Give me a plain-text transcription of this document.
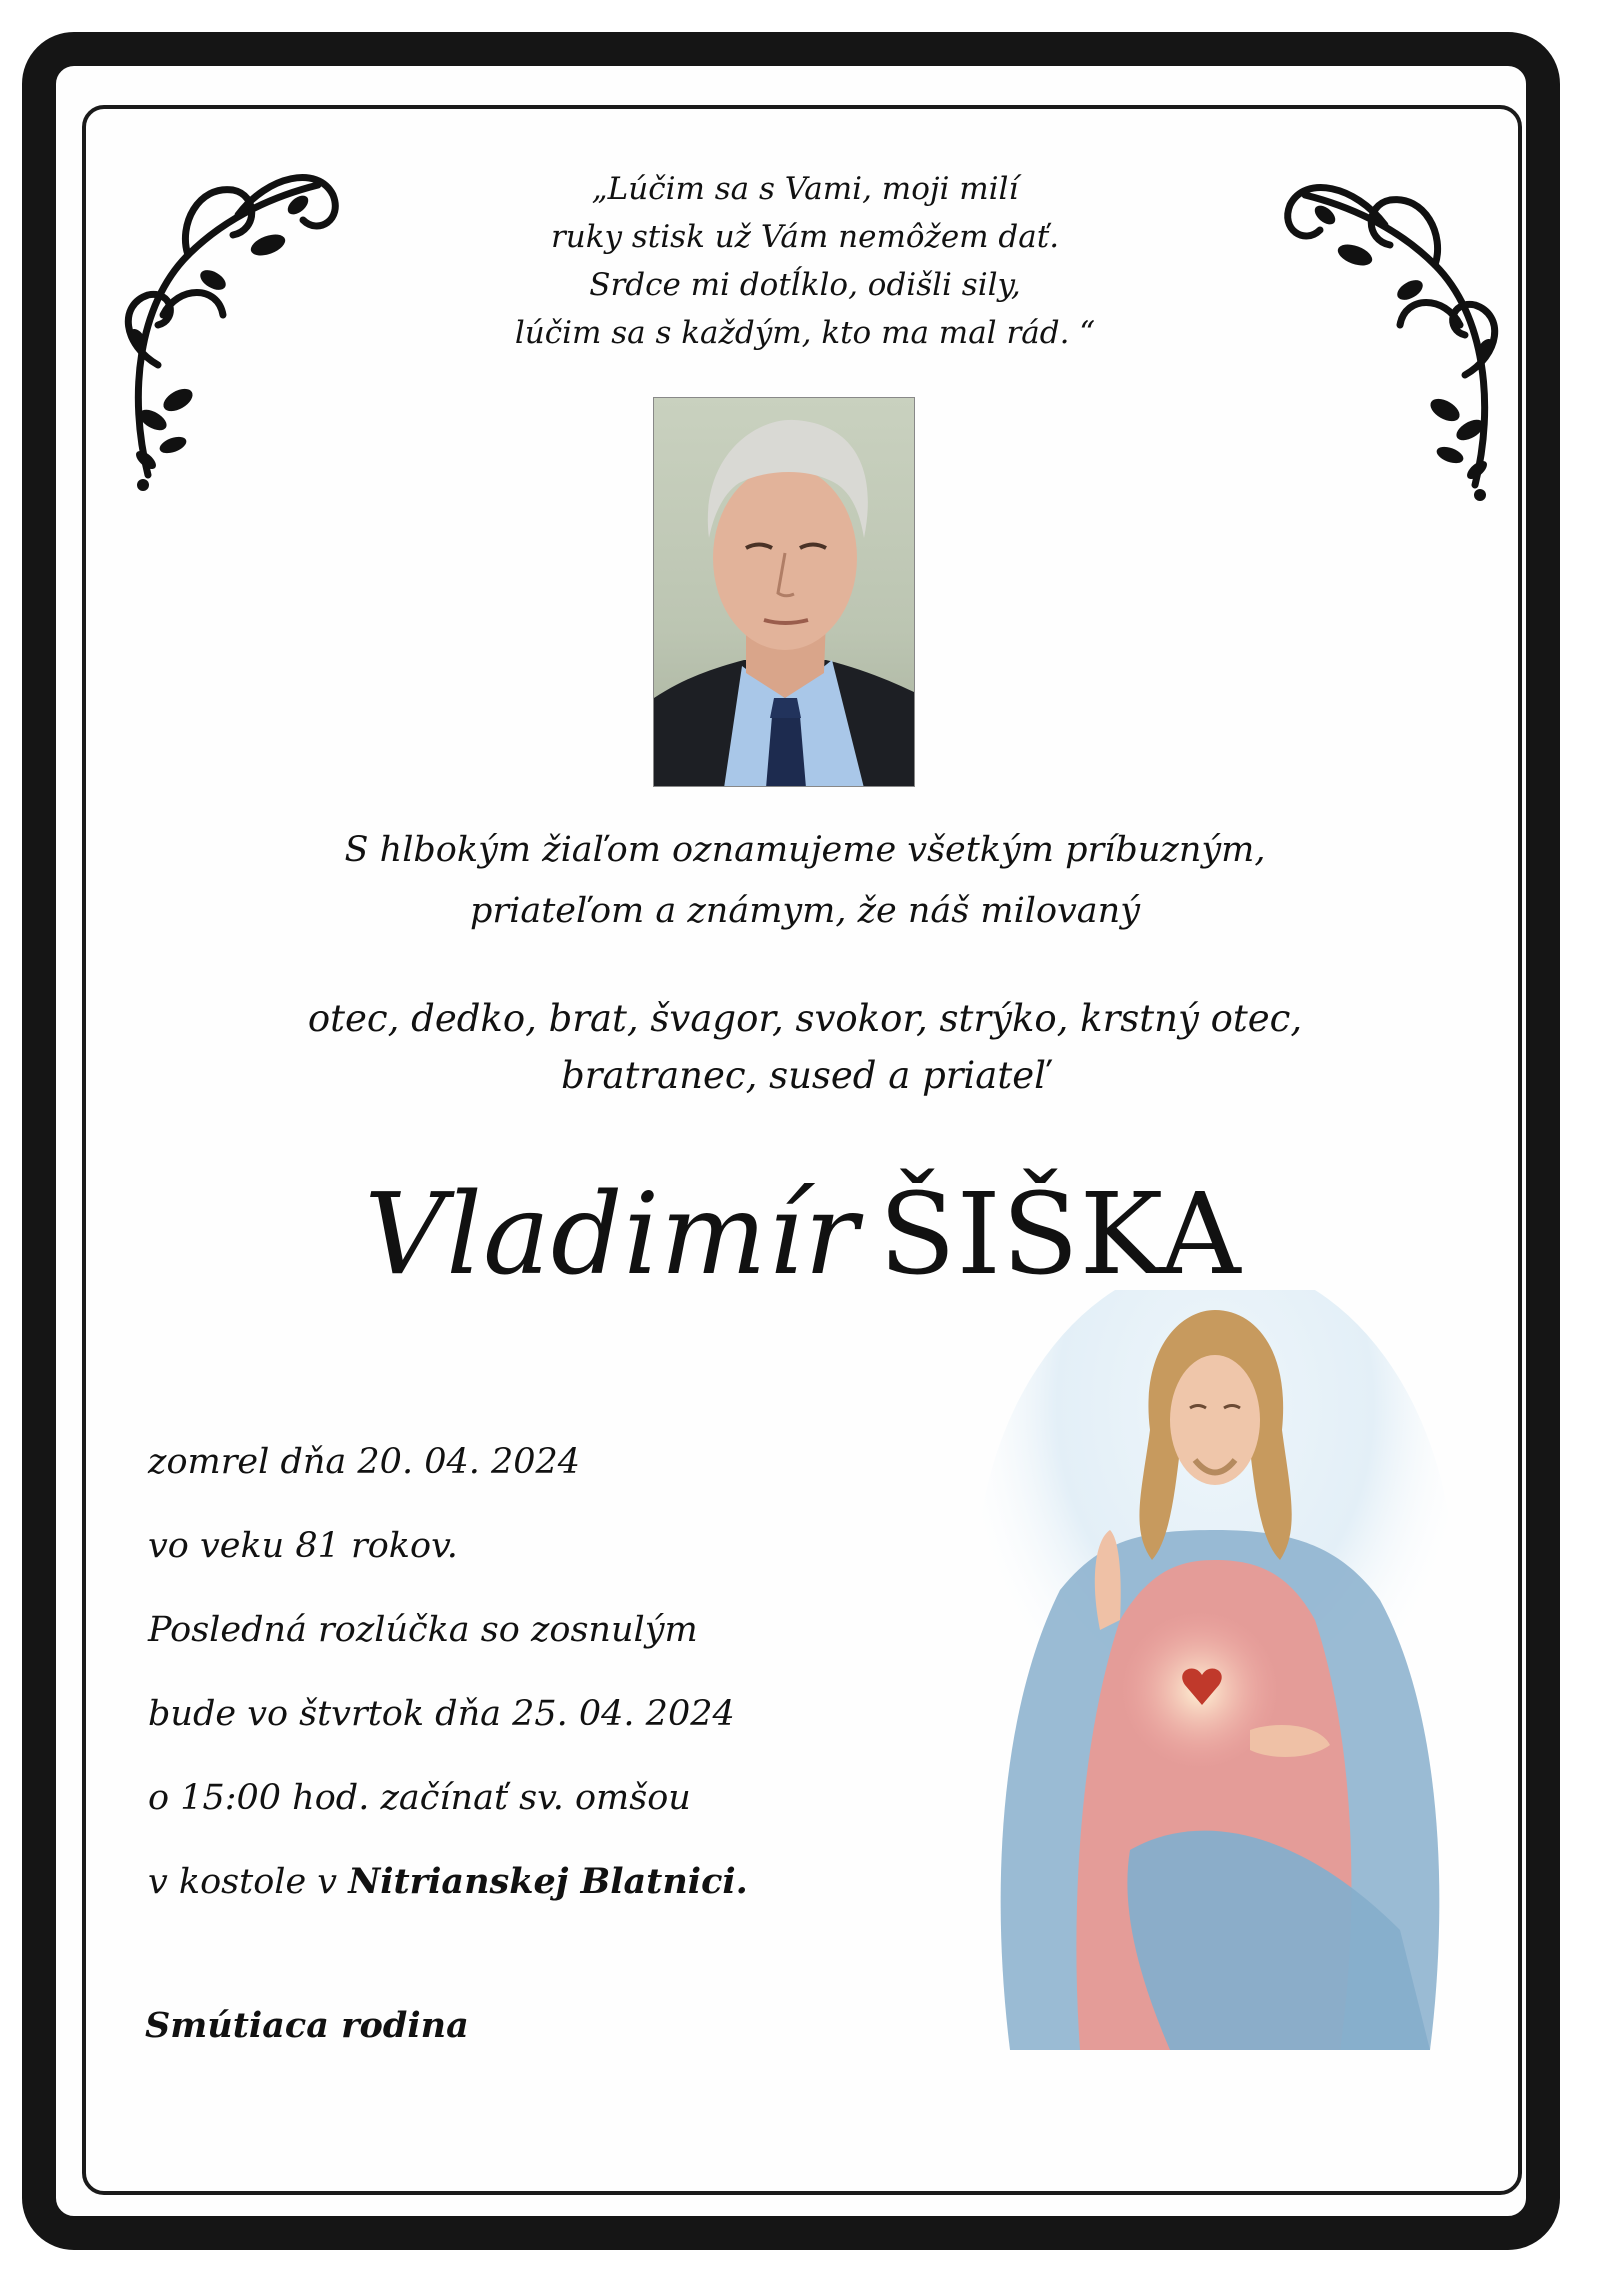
„Lúčim sa s Vami, moji milí
ruky stisk už Vám nemôžem dať.
Srdce mi dotĺklo, odišli sily,
lúčim sa s každým, kto ma mal rád. “
S hlbokým žiaľom oznamujeme všetkým príbuzným,
priateľom a známym, že náš milovaný
otec, dedko, brat, švagor, svokor, strýko, krstný otec,
bratranec, sused a priateľ
Vladimír ŠIŠKA
zomrel dňa 20. 04. 2024
vo veku 81 rokov.
Posledná rozlúčka so zosnulým
bude vo štvrtok dňa 25. 04. 2024
o 15:00 hod. začínať sv. omšou
v kostole v Nitrianskej Blatnici.
Smútiaca rodina
